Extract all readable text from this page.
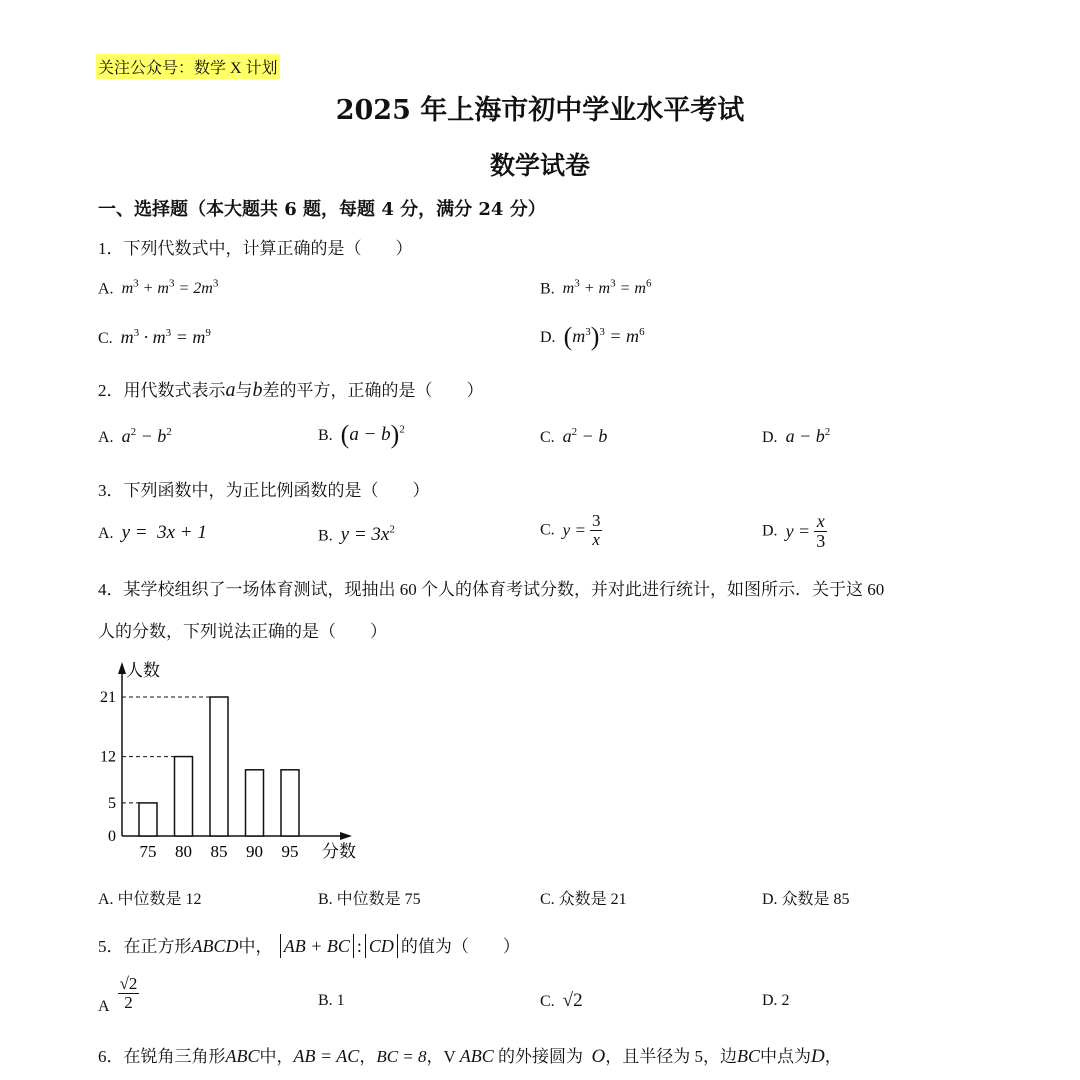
关注公众号：数学 X 计划
2025 年上海市初中学业水平考试
数学试卷
一、选择题（本大题共 6 题，每题 4 分，满分 24 分）
1．下列代数式中，计算正确的是（　　）
A. $m^3 + m^3 = 2m^3$	B. $m^3 + m^3 = m^6$
C. $m^3 \cdot m^3 = m^9$	D. $(m^3)^3 = m^6$
2．用代数式表示a与b差的平方，正确的是（　　）
A. $a^2 - b^2$	B. $(a - b)^2$	C. $a^2 - b$	D. $a - b^2$
3．下列函数中，为正比例函数的是（　　）
A. y =  3x + 1	B. $y = 3x^2$	C. $y = \frac{3}{x}$	D. $y = \frac{x}{3}$
4．某学校组织了一场体育测试，现抽出 60 个人的体育考试分数，并对此进行统计，如图所示．关于这 60
人的分数，下列说法正确的是（　　）
人数
分数
0
5
12
21
75 80 85 90 95
A. 中位数是 12	B. 中位数是 75	C. 众数是 21	D. 众数是 85
5．在正方形ABCD中， AB + BC : CD 的值为（　　）
A $\frac{√2}{2}$	B. 1	C. √2	D. 2
6．在锐角三角形ABC中，AB = AC，BC = 8，V ABC 的外接圆为 O，且半径为 5，边BC中点为D，
